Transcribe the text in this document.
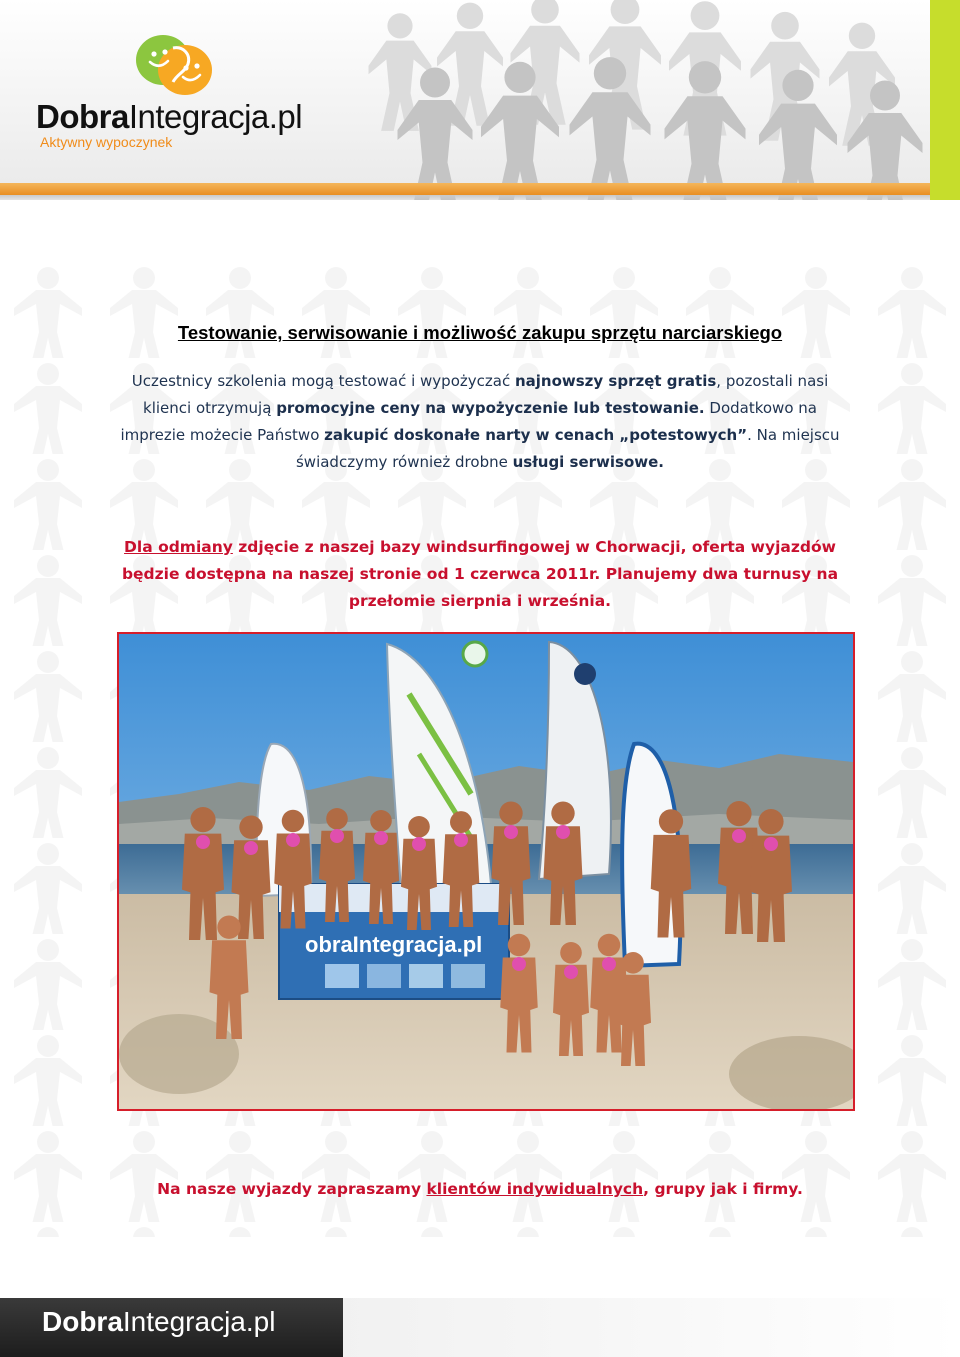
DobraIntegracja.pl
Aktywny wypoczynek
Testowanie, serwisowanie i możliwość zakupu sprzętu narciarskiego
Uczestnicy szkolenia mogą testować i wypożyczać najnowszy sprzęt gratis, pozostali nasi klienci otrzymują promocyjne ceny na wypożyczenie lub testowanie. Dodatkowo na imprezie możecie Państwo zakupić doskonałe narty w cenach „potestowych”. Na miejscu świadczymy również drobne usługi serwisowe.
Dla odmiany zdjęcie z naszej bazy windsurfingowej w Chorwacji, oferta wyjazdów będzie dostępna na naszej stronie od 1 czerwca 2011r. Planujemy dwa turnusy na przełomie sierpnia i września.
obraIntegracja.pl
Na nasze wyjazdy zapraszamy klientów indywidualnych, grupy jak i firmy.
DobraIntegracja.pl
